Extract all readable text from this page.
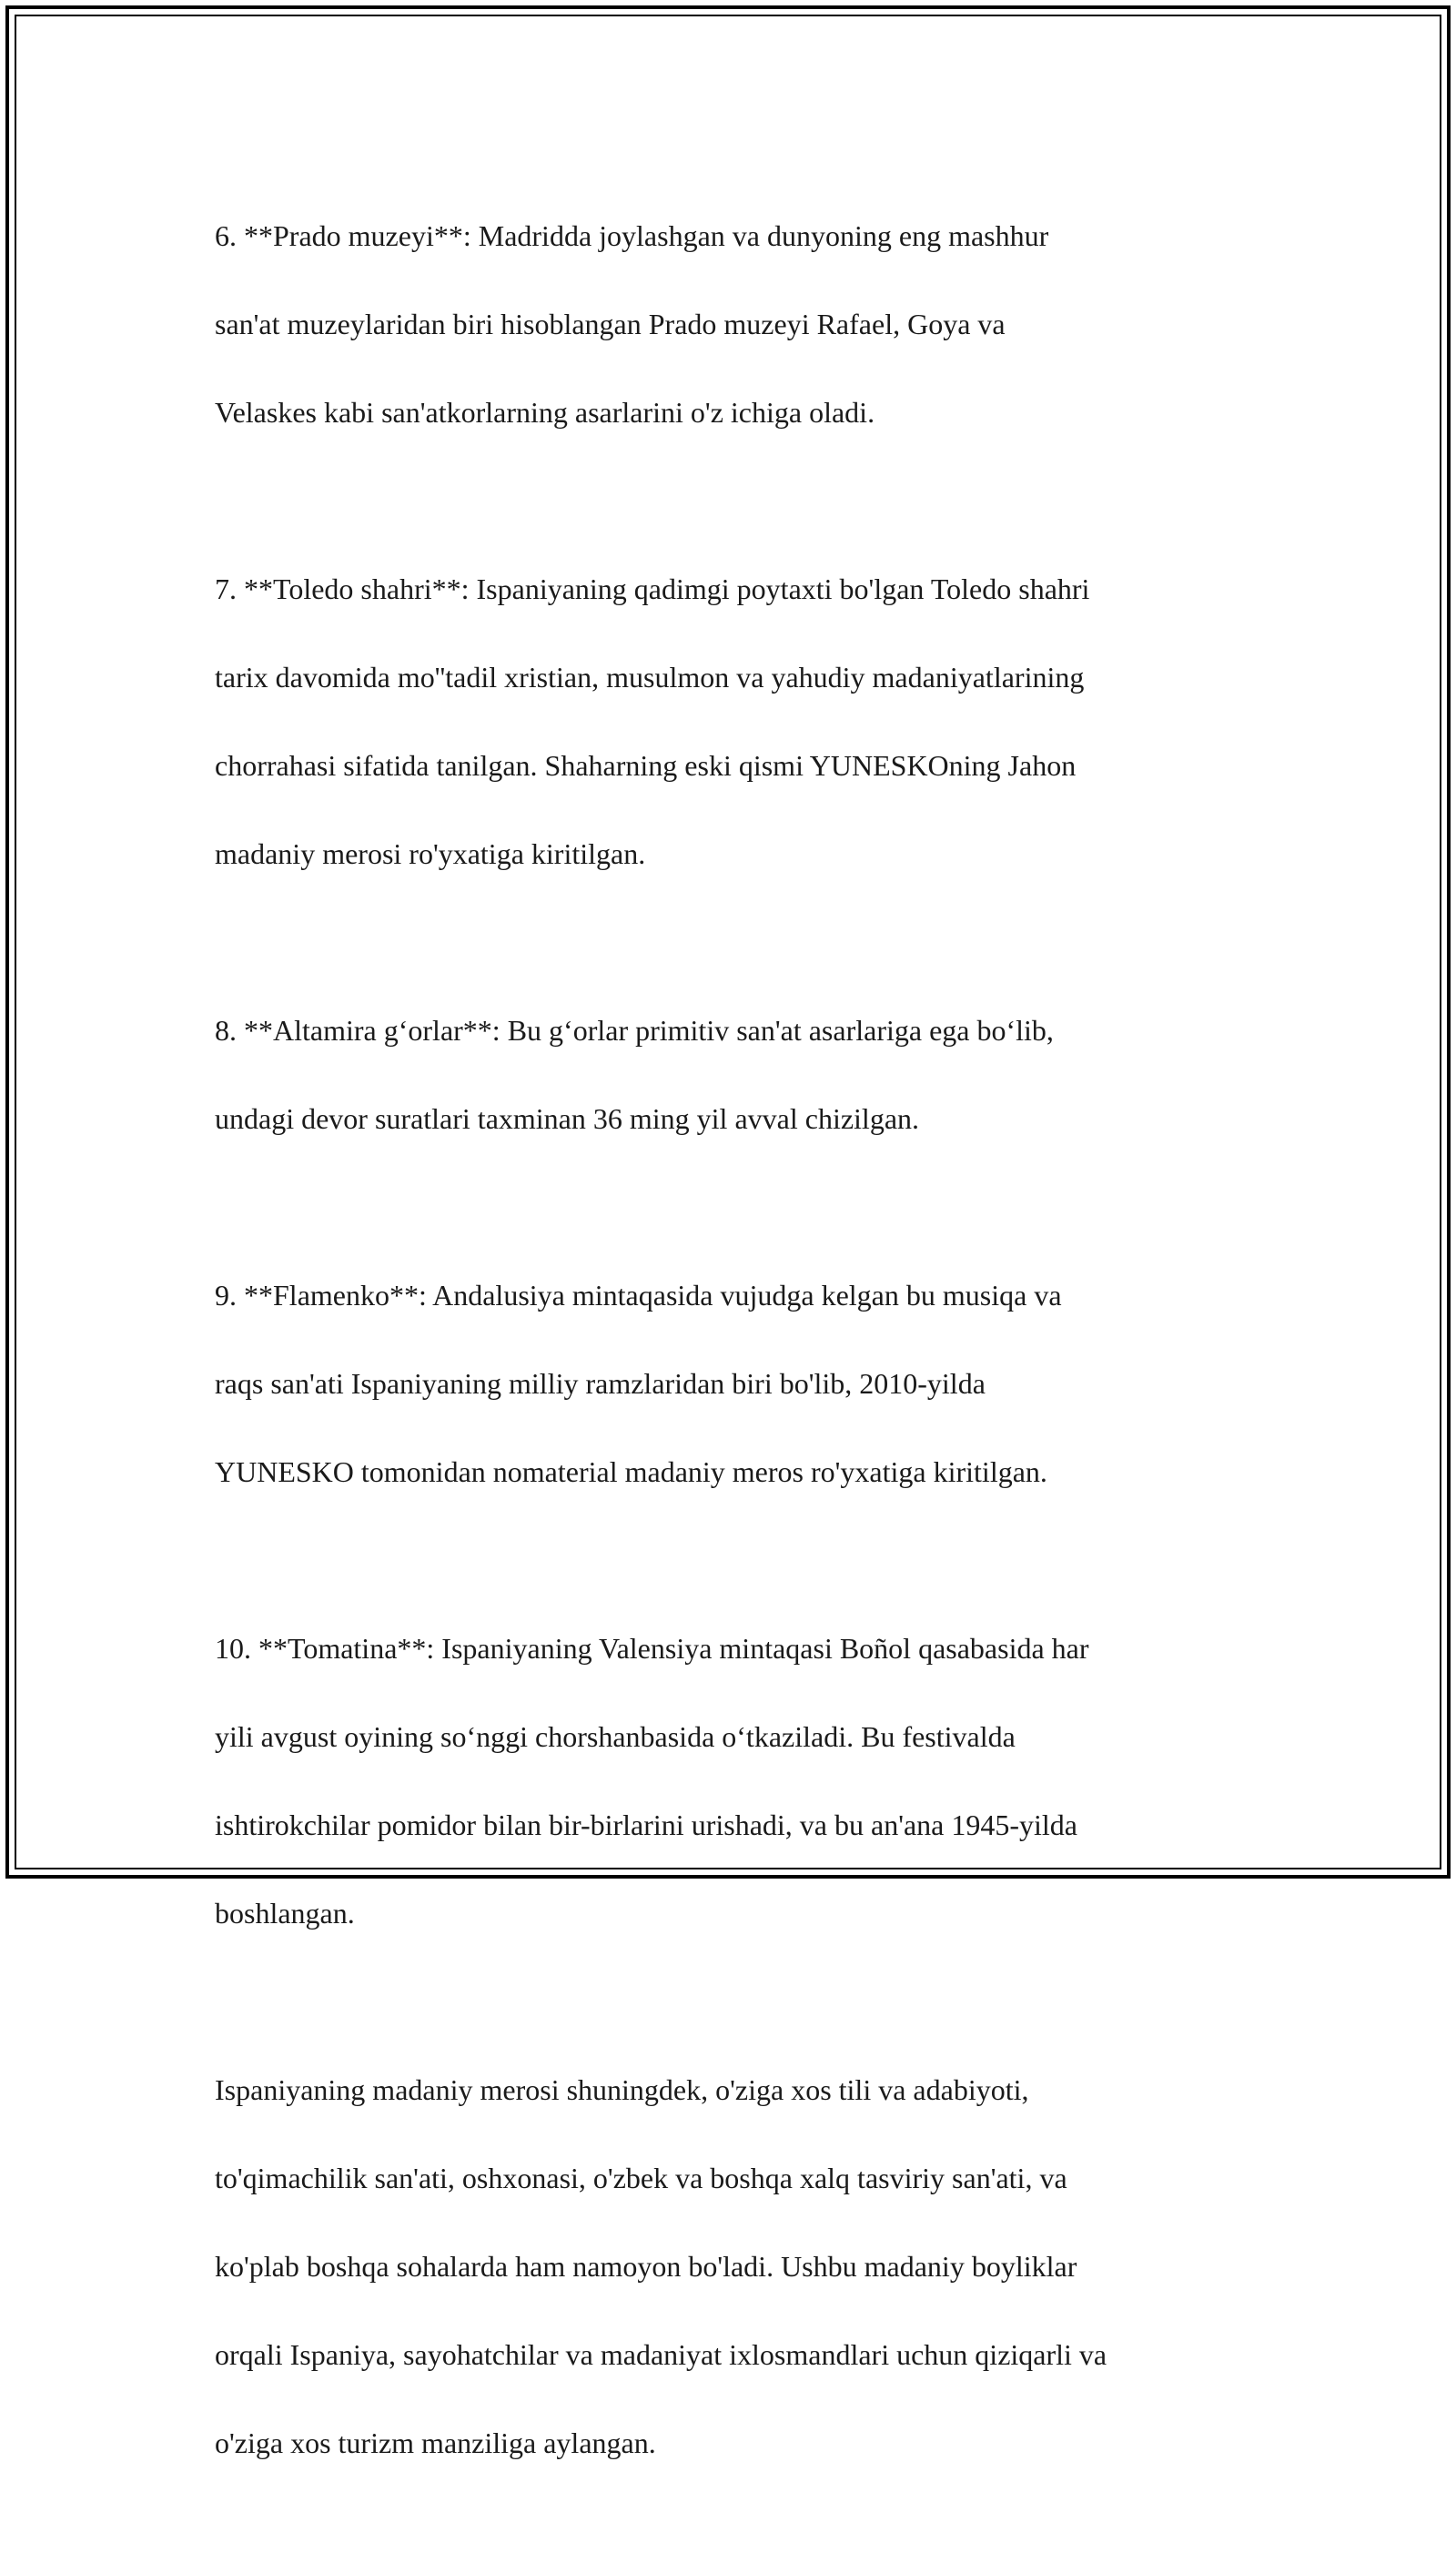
6. **Prado muzeyi**: Madridda joylashgan va dunyoning eng mashhur

san'at muzeylaridan biri hisoblangan Prado muzeyi Rafael, Goya va

Velaskes kabi san'atkorlarning asarlarini o'z ichiga oladi.

7. **Toledo shahri**: Ispaniyaning qadimgi poytaxti bo'lgan Toledo shahri

tarix davomida mo''tadil xristian, musulmon va yahudiy madaniyatlarining

chorrahasi sifatida tanilgan. Shaharning eski qismi YUNESKOning Jahon

madaniy merosi ro'yxatiga kiritilgan.

8. **Altamira g‘orlar**: Bu g‘orlar primitiv san'at asarlariga ega bo‘lib,

undagi devor suratlari taxminan 36 ming yil avval chizilgan.

9. **Flamenko**: Andalusiya mintaqasida vujudga kelgan bu musiqa va

raqs san'ati Ispaniyaning milliy ramzlaridan biri bo'lib, 2010-yilda

YUNESKO tomonidan nomaterial madaniy meros ro'yxatiga kiritilgan.

10. **Tomatina**: Ispaniyaning Valensiya mintaqasi Boñol qasabasida har

yili avgust oyining so‘nggi chorshanbasida o‘tkaziladi. Bu festivalda

ishtirokchilar pomidor bilan bir-birlarini urishadi, va bu an'ana 1945-yilda

boshlangan.

Ispaniyaning madaniy merosi shuningdek, o'ziga xos tili va adabiyoti,

to'qimachilik san'ati, oshxonasi, o'zbek va boshqa xalq tasviriy san'ati, va

ko'plab boshqa sohalarda ham namoyon bo'ladi. Ushbu madaniy boyliklar

orqali Ispaniya, sayohatchilar va madaniyat ixlosmandlari uchun qiziqarli va

o'ziga xos turizm manziliga aylangan.
